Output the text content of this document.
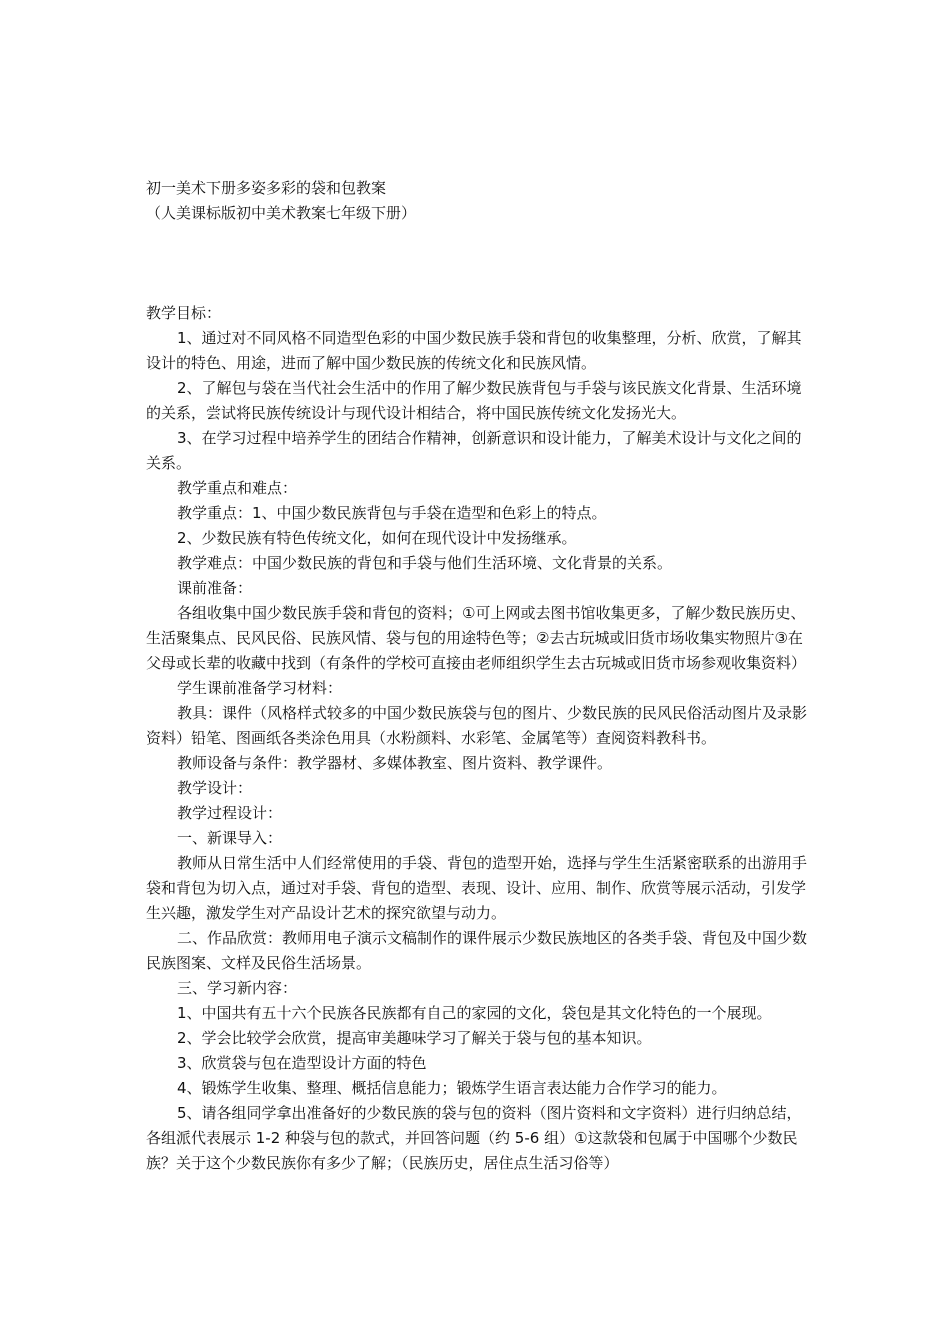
初一美术下册多姿多彩的袋和包教案

（人美课标版初中美术教案七年级下册）

教学目标：

1、通过对不同风格不同造型色彩的中国少数民族手袋和背包的收集整理，分析、欣赏，了解其设计的特色、用途，进而了解中国少数民族的传统文化和民族风情。

2、了解包与袋在当代社会生活中的作用了解少数民族背包与手袋与该民族文化背景、生活环境的关系，尝试将民族传统设计与现代设计相结合，将中国民族传统文化发扬光大。

3、在学习过程中培养学生的团结合作精神，创新意识和设计能力，了解美术设计与文化之间的关系。

教学重点和难点：

教学重点：1、中国少数民族背包与手袋在造型和色彩上的特点。

2、少数民族有特色传统文化，如何在现代设计中发扬继承。

教学难点：中国少数民族的背包和手袋与他们生活环境、文化背景的关系。

课前准备：

各组收集中国少数民族手袋和背包的资料；①可上网或去图书馆收集更多，了解少数民族历史、生活聚集点、民风民俗、民族风情、袋与包的用途特色等；②去古玩城或旧货市场收集实物照片③在父母或长辈的收藏中找到（有条件的学校可直接由老师组织学生去古玩城或旧货市场参观收集资料）

学生课前准备学习材料：

教具：课件（风格样式较多的中国少数民族袋与包的图片、少数民族的民风民俗活动图片及录影资料）铅笔、图画纸各类涂色用具（水粉颜料、水彩笔、金属笔等）查阅资料教科书。

教师设备与条件：教学器材、多媒体教室、图片资料、教学课件。

教学设计：

教学过程设计：

一、新课导入：

教师从日常生活中人们经常使用的手袋、背包的造型开始，选择与学生生活紧密联系的出游用手袋和背包为切入点，通过对手袋、背包的造型、表现、设计、应用、制作、欣赏等展示活动，引发学生兴趣，激发学生对产品设计艺术的探究欲望与动力。

二、作品欣赏：教师用电子演示文稿制作的课件展示少数民族地区的各类手袋、背包及中国少数民族图案、文样及民俗生活场景。

三、学习新内容：

1、中国共有五十六个民族各民族都有自己的家园的文化，袋包是其文化特色的一个展现。

2、学会比较学会欣赏，提高审美趣味学习了解关于袋与包的基本知识。

3、欣赏袋与包在造型设计方面的特色

4、锻炼学生收集、整理、概括信息能力；锻炼学生语言表达能力合作学习的能力。

5、请各组同学拿出准备好的少数民族的袋与包的资料（图片资料和文字资料）进行归纳总结，各组派代表展示 1-2 种袋与包的款式，并回答问题（约 5-6 组）①这款袋和包属于中国哪个少数民族？关于这个少数民族你有多少了解；（民族历史，居住点生活习俗等）
